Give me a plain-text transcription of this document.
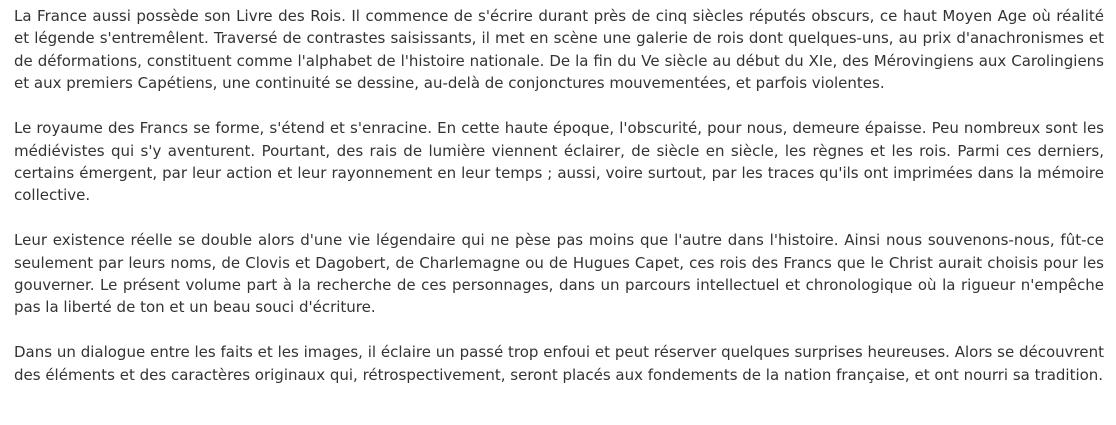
La France aussi possède son Livre des Rois. Il commence de s'écrire durant près de cinq siècles réputés obscurs, ce haut Moyen Age où réalité et légende s'entremêlent. Traversé de contrastes saisissants, il met en scène une galerie de rois dont quelques-uns, au prix d'anachronismes et de déformations, constituent comme l'alphabet de l'histoire nationale. De la fin du Ve siècle au début du XIe, des Mérovingiens aux Carolingiens et aux premiers Capétiens, une continuité se dessine, au-delà de conjonctures mouvementées, et parfois violentes.

Le royaume des Francs se forme, s'étend et s'enracine. En cette haute époque, l'obscurité, pour nous, demeure épaisse. Peu nombreux sont les médiévistes qui s'y aventurent. Pourtant, des rais de lumière viennent éclairer, de siècle en siècle, les règnes et les rois. Parmi ces derniers, certains émergent, par leur action et leur rayonnement en leur temps ; aussi, voire surtout, par les traces qu'ils ont imprimées dans la mémoire collective.

Leur existence réelle se double alors d'une vie légendaire qui ne pèse pas moins que l'autre dans l'histoire. Ainsi nous souvenons-nous, fût-ce seulement par leurs noms, de Clovis et Dagobert, de Charlemagne ou de Hugues Capet, ces rois des Francs que le Christ aurait choisis pour les gouverner. Le présent volume part à la recherche de ces personnages, dans un parcours intellectuel et chronologique où la rigueur n'empêche pas la liberté de ton et un beau souci d'écriture.

Dans un dialogue entre les faits et les images, il éclaire un passé trop enfoui et peut réserver quelques surprises heureuses. Alors se découvrent des éléments et des caractères originaux qui, rétrospectivement, seront placés aux fondements de la nation française, et ont nourri sa tradition.
